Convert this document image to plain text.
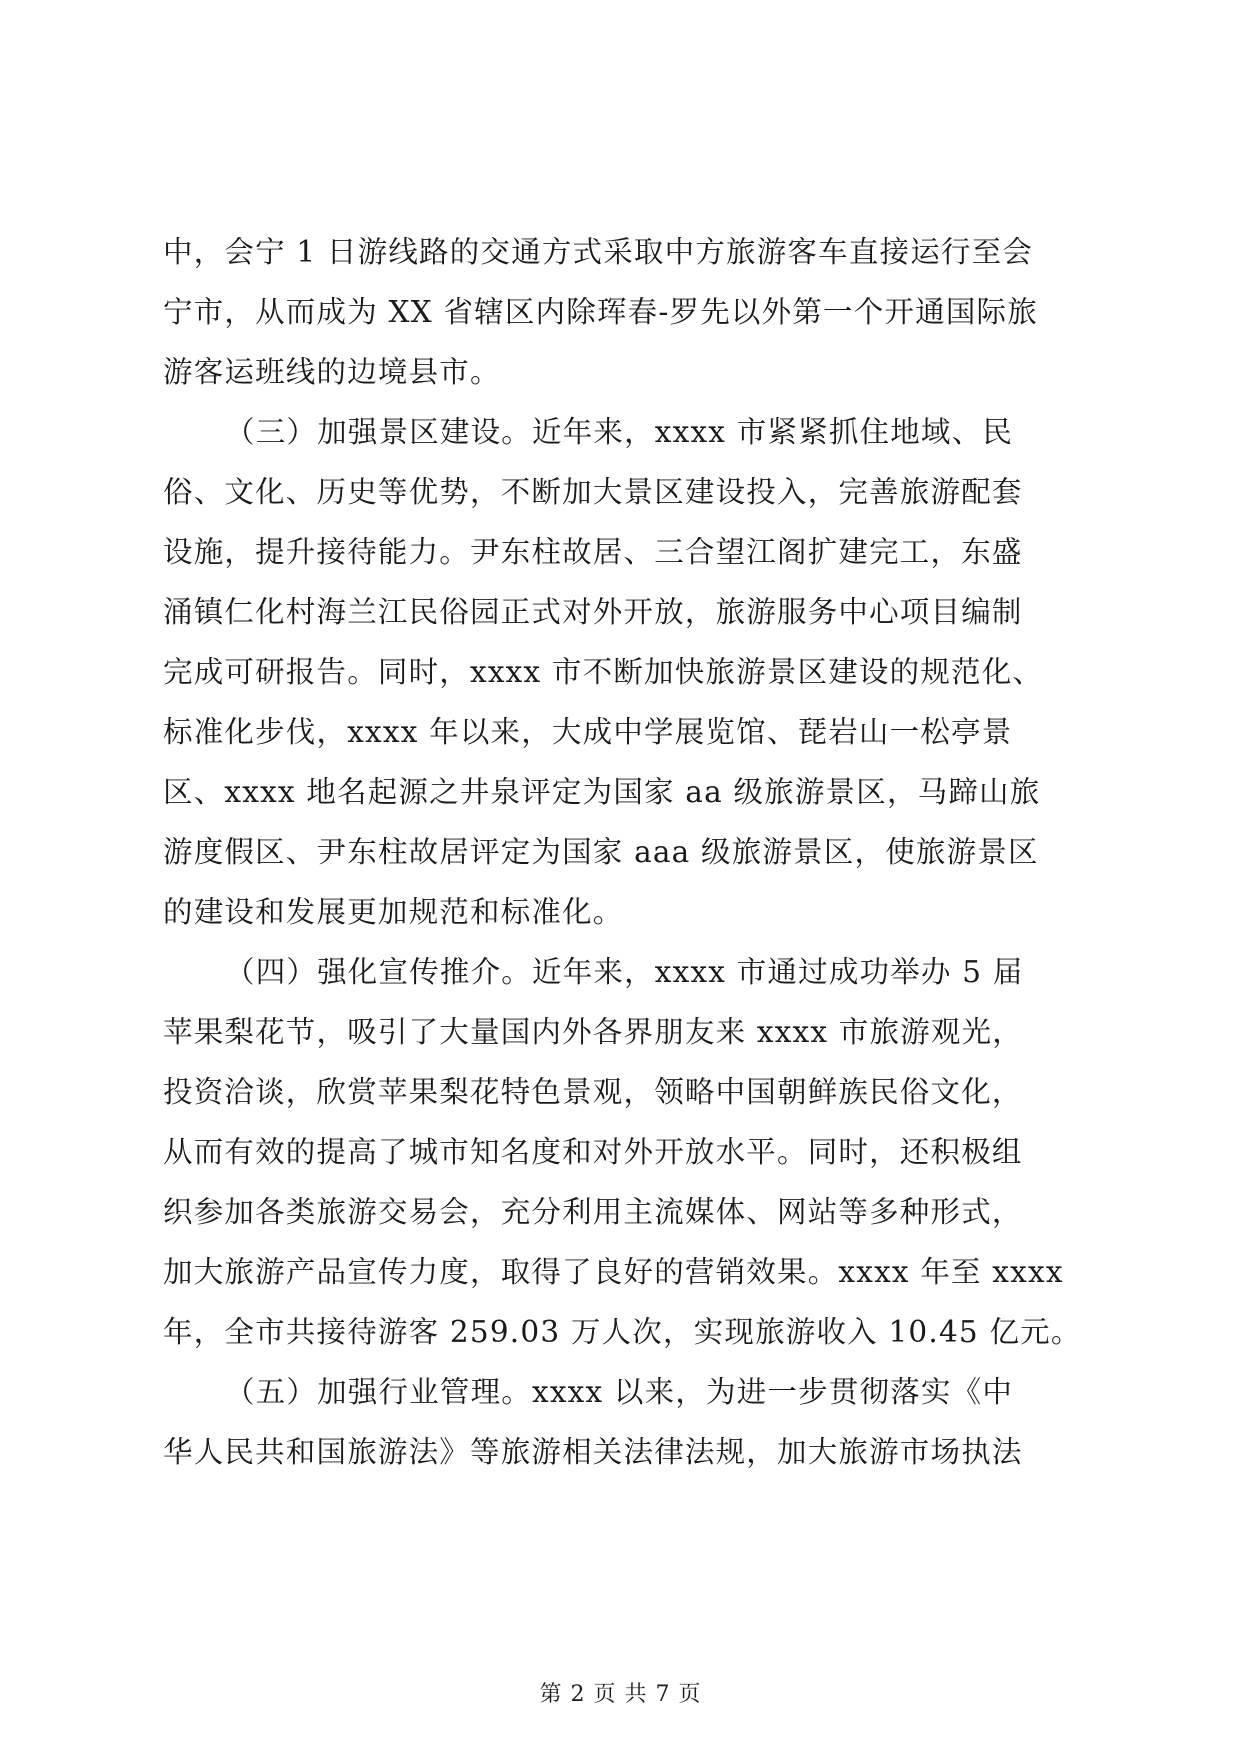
中，会宁 1 日游线路的交通方式采取中方旅游客车直接运行至会
宁市，从而成为 XX 省辖区内除珲春-罗先以外第一个开通国际旅
游客运班线的边境县市。
（三）加强景区建设。近年来，xxxx 市紧紧抓住地域、民
俗、文化、历史等优势，不断加大景区建设投入，完善旅游配套
设施，提升接待能力。尹东柱故居、三合望江阁扩建完工，东盛
涌镇仁化村海兰江民俗园正式对外开放，旅游服务中心项目编制
完成可研报告。同时，xxxx 市不断加快旅游景区建设的规范化、
标准化步伐，xxxx 年以来，大成中学展览馆、琵岩山一松亭景
区、xxxx 地名起源之井泉评定为国家 aa 级旅游景区，马蹄山旅
游度假区、尹东柱故居评定为国家 aaa 级旅游景区，使旅游景区
的建设和发展更加规范和标准化。
（四）强化宣传推介。近年来，xxxx 市通过成功举办 5 届
苹果梨花节，吸引了大量国内外各界朋友来 xxxx 市旅游观光，
投资洽谈，欣赏苹果梨花特色景观，领略中国朝鲜族民俗文化，
从而有效的提高了城市知名度和对外开放水平。同时，还积极组
织参加各类旅游交易会，充分利用主流媒体、网站等多种形式，
加大旅游产品宣传力度，取得了良好的营销效果。xxxx 年至 xxxx
年，全市共接待游客 259.03 万人次，实现旅游收入 10.45 亿元。
（五）加强行业管理。xxxx 以来，为进一步贯彻落实《中
华人民共和国旅游法》等旅游相关法律法规，加大旅游市场执法
第 2 页 共 7 页
